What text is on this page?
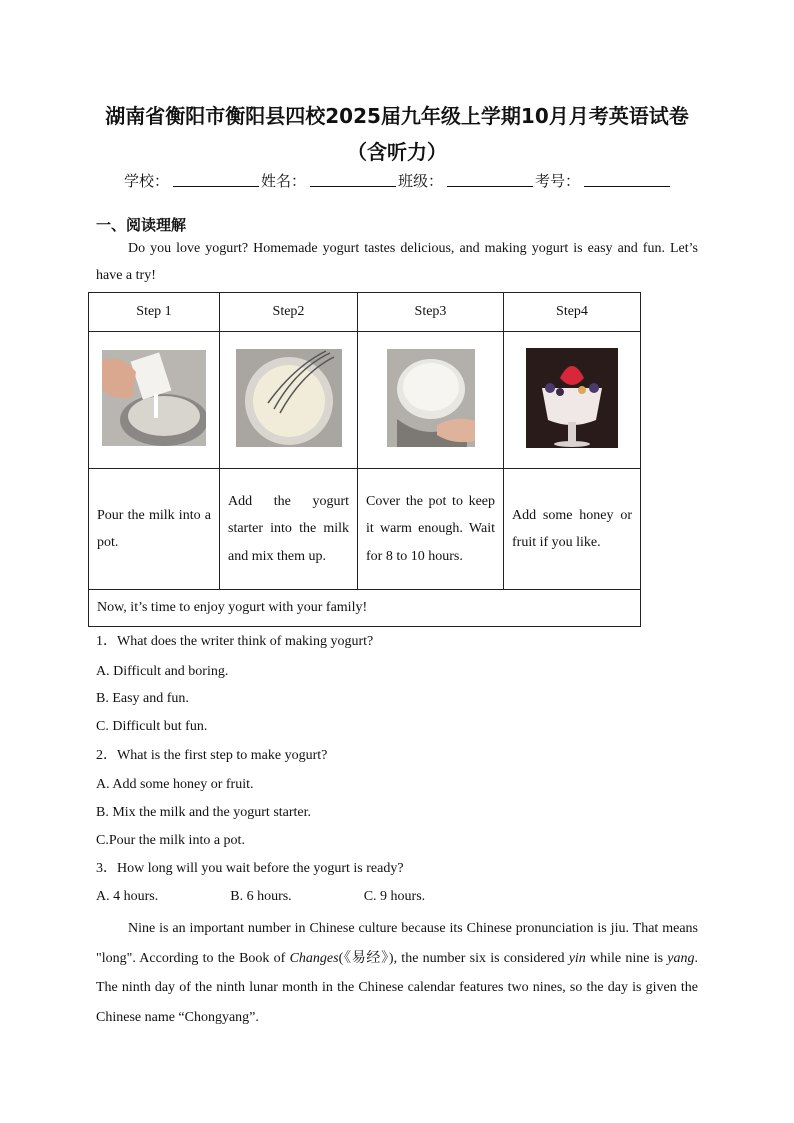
湖南省衡阳市衡阳县四校2025届九年级上学期10月月考英语试卷（含听力）
学校：	姓名：	班级：	考号：
一、阅读理解
Do you love yogurt? Homemade yogurt tastes delicious, and making yogurt is easy and fun. Let’s have a try!
Step 1	Step2	Step3	Step4

Pour the milk into a pot.	Add the yogurt starter into the milk and mix them up.	Cover the pot to keep it warm enough. Wait for 8 to 10 hours.	Add some honey or fruit if you like.
Now, it’s time to enjoy yogurt with your family!			
1．What does the writer think of making yogurt?
A. Difficult and boring.
B. Easy and fun.
C. Difficult but fun.
2．What is the first step to make yogurt?
A. Add some honey or fruit.
B. Mix the milk and the yogurt starter.
C.Pour the milk into a pot.
3．How long will you wait before the yogurt is ready?
A. 4 hours.	B. 6 hours.	C. 9 hours.
Nine is an important number in Chinese culture because its Chinese pronunciation is jiu. That means "long". According to the Book of Changes(《易经》), the number six is considered yin while nine is yang. The ninth day of the ninth lunar month in the Chinese calendar features two nines, so the day is given the Chinese name “Chongyang”.
